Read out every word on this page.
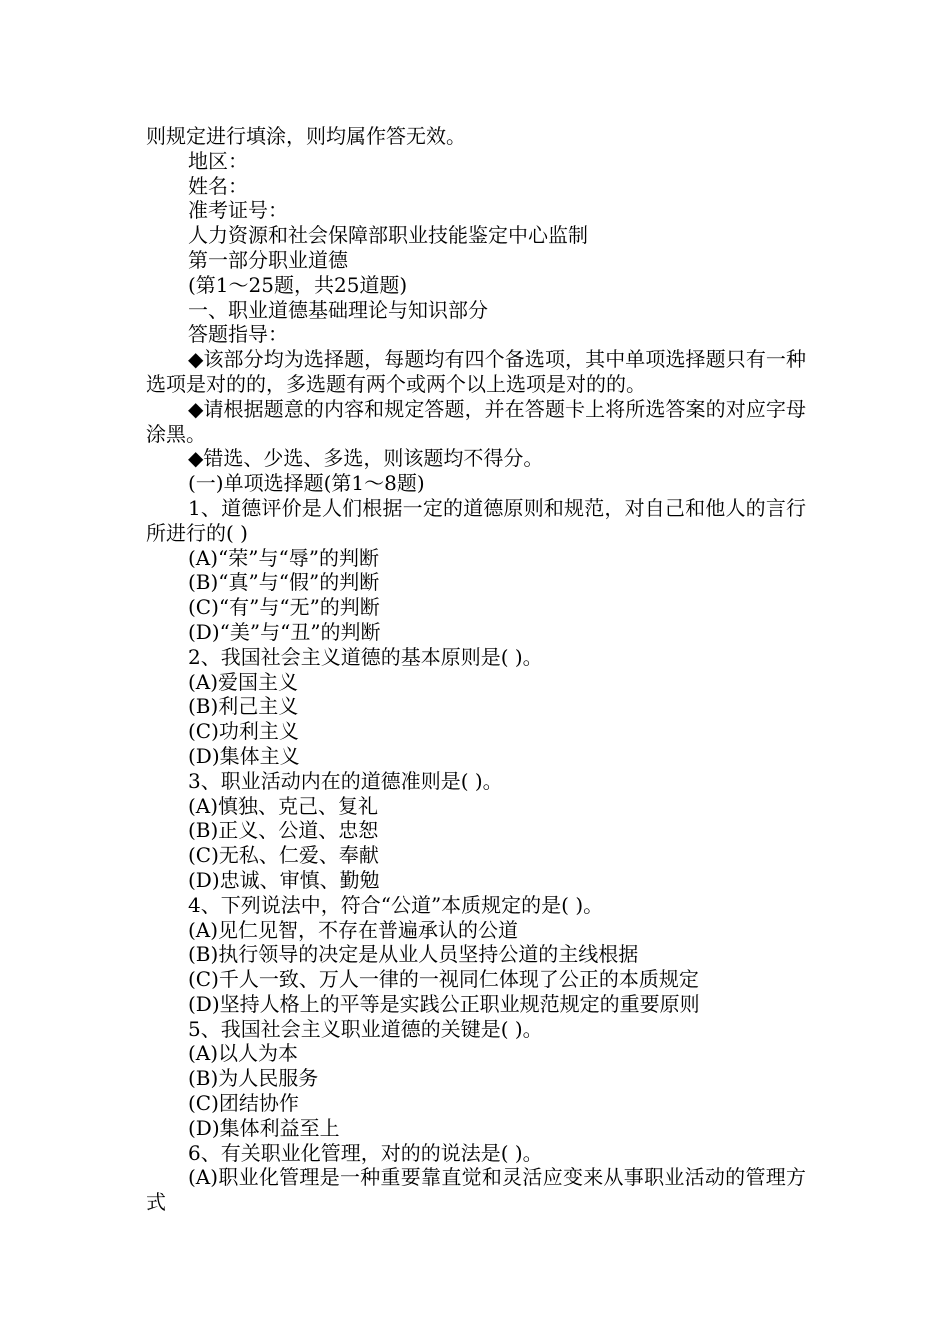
则规定进行填涂，则均属作答无效。

地区：

姓名：

准考证号：

人力资源和社会保障部职业技能鉴定中心监制

第一部分职业道德

(第1～25题，共25道题)

一、职业道德基础理论与知识部分

答题指导：

◆该部分均为选择题，每题均有四个备选项，其中单项选择题只有一种选项是对的的，多选题有两个或两个以上选项是对的的。

◆请根据题意的内容和规定答题，并在答题卡上将所选答案的对应字母涂黑。

◆错选、少选、多选，则该题均不得分。

(一)单项选择题(第1～8题)

1、道德评价是人们根据一定的道德原则和规范，对自己和他人的言行所进行的( )

(A)“荣”与“辱”的判断

(B)“真”与“假”的判断

(C)“有”与“无”的判断

(D)“美”与“丑”的判断

2、我国社会主义道德的基本原则是( )。

(A)爱国主义

(B)利己主义

(C)功利主义

(D)集体主义

3、职业活动内在的道德准则是( )。

(A)慎独、克己、复礼

(B)正义、公道、忠恕

(C)无私、仁爱、奉献

(D)忠诚、审慎、勤勉

4、下列说法中，符合“公道”本质规定的是( )。

(A)见仁见智，不存在普遍承认的公道

(B)执行领导的决定是从业人员坚持公道的主线根据

(C)千人一致、万人一律的一视同仁体现了公正的本质规定

(D)坚持人格上的平等是实践公正职业规范规定的重要原则

5、我国社会主义职业道德的关键是( )。

(A)以人为本

(B)为人民服务

(C)团结协作

(D)集体利益至上

6、有关职业化管理，对的的说法是( )。

(A)职业化管理是一种重要靠直觉和灵活应变来从事职业活动的管理方式
